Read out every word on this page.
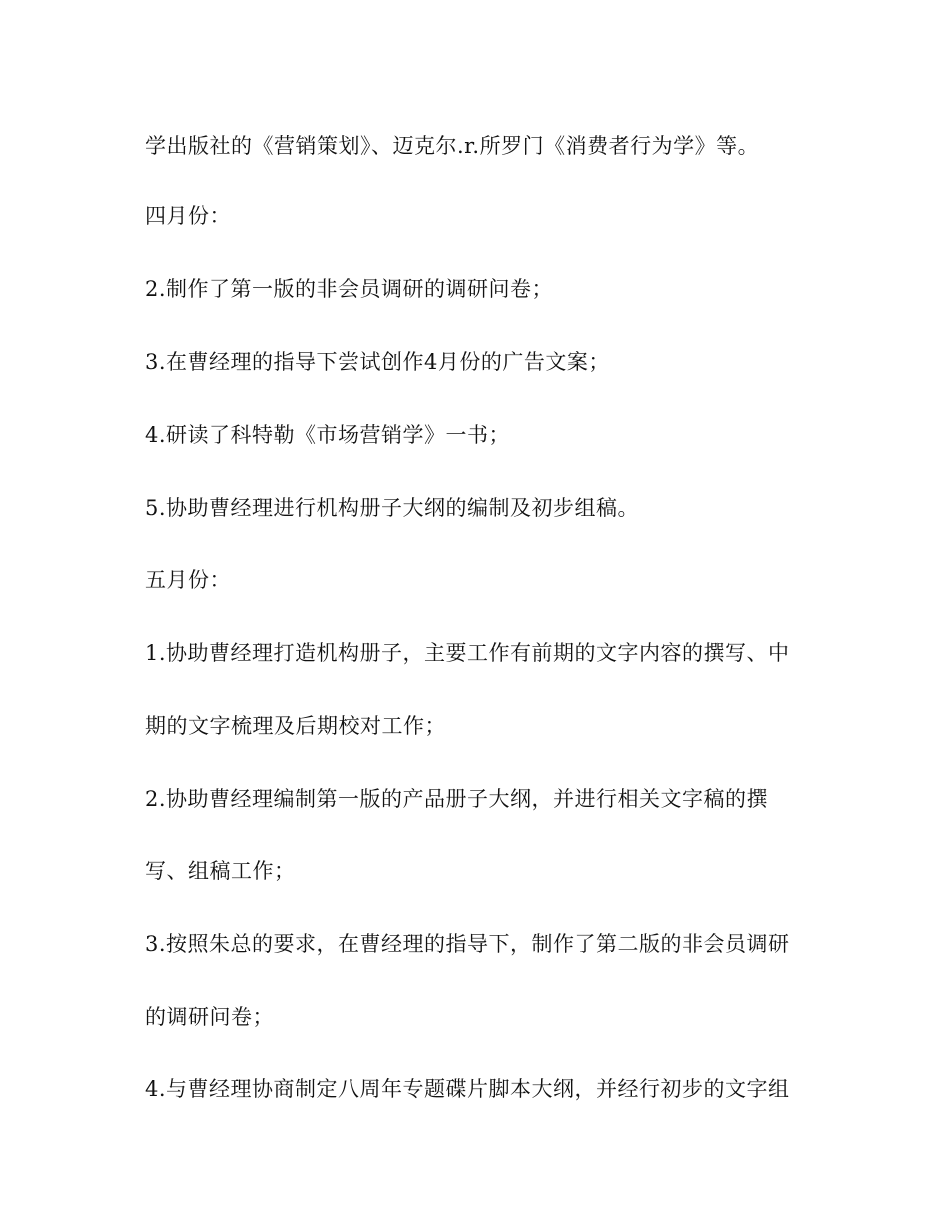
学出版社的《营销策划》、迈克尔.r.所罗门《消费者行为学》等。
四月份：
2.制作了第一版的非会员调研的调研问卷；
3.在曹经理的指导下尝试创作4月份的广告文案；
4.研读了科特勒《市场营销学》一书；
5.协助曹经理进行机构册子大纲的编制及初步组稿。
五月份：
1.协助曹经理打造机构册子，主要工作有前期的文字内容的撰写、中
期的文字梳理及后期校对工作；
2.协助曹经理编制第一版的产品册子大纲，并进行相关文字稿的撰
写、组稿工作；
3.按照朱总的要求，在曹经理的指导下，制作了第二版的非会员调研
的调研问卷；
4.与曹经理协商制定八周年专题碟片脚本大纲，并经行初步的文字组
